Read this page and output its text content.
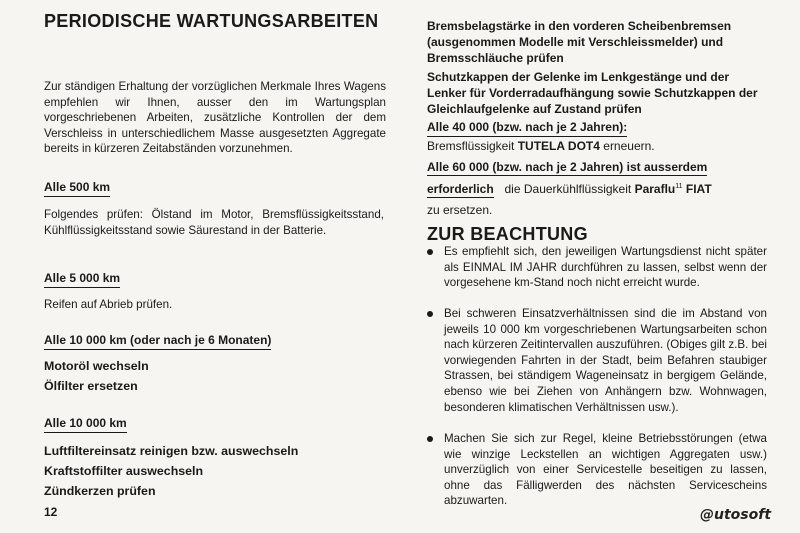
PERIODISCHE WARTUNGSARBEITEN

Zur ständigen Erhaltung der vorzüglichen Merkmale Ihres Wagens empfehlen wir Ihnen, ausser den im Wartungsplan vorgeschriebenen Arbeiten, zusätzliche Kontrollen der dem Verschleiss in unterschiedlichem Masse ausgesetzten Aggregate bereits in kürzeren Zeitabständen vorzunehmen.

Alle 500 km

Folgendes prüfen: Ölstand im Motor, Bremsflüssigkeitsstand, Kühlflüssigkeitsstand sowie Säurestand in der Batterie.

Alle 5 000 km

Reifen auf Abrieb prüfen.

Alle 10 000 km (oder nach je 6 Monaten)
Motoröl wechseln
Ölfilter ersetzen
Alle 10 000 km
Luftfiltereinsatz reinigen bzw. auswechseln
Kraftstoffilter auswechseln
Zündkerzen prüfen
12

Bremsbelagstärke in den vorderen Scheibenbremsen (ausgenommen Modelle mit Verschleissmelder) und Bremsschläuche prüfen

Schutzkappen der Gelenke im Lenkgestänge und der Lenker für Vorderradaufhängung sowie Schutzkappen der Gleichlaufgelenke auf Zustand prüfen

Alle 40 000 (bzw. nach je 2 Jahren):
Bremsflüssigkeit TUTELA DOT4 erneuern.
Alle 60 000 (bzw. nach je 2 Jahren) ist ausserdem
erforderlich die Dauerkühlflüssigkeit Paraflu$^{11}$ FIAT
zu ersetzen.
ZUR BEACHTUNG
Es empfiehlt sich, den jeweiligen Wartungsdienst nicht später als EINMAL IM JAHR durchführen zu lassen, selbst wenn der vorgesehene km-Stand noch nicht erreicht wurde.
Bei schweren Einsatzverhältnissen sind die im Abstand von jeweils 10 000 km vorgeschriebenen Wartungsarbeiten schon nach kürzeren Zeitintervallen auszuführen. (Obiges gilt z.B. bei vorwiegenden Fahrten in der Stadt, beim Befahren staubiger Strassen, bei ständigem Wageneinsatz in bergigem Gelände, ebenso wie bei Ziehen von Anhängern bzw. Wohnwagen, besonderen klimatischen Verhältnissen usw.).
Machen Sie sich zur Regel, kleine Betriebsstörungen (etwa wie winzige Leckstellen an wichtigen Aggregaten usw.) unverzüglich von einer Servicestelle beseitigen zu lassen, ohne das Fälligwerden des nächsten Servicescheins abzuwarten.
@utosoft
